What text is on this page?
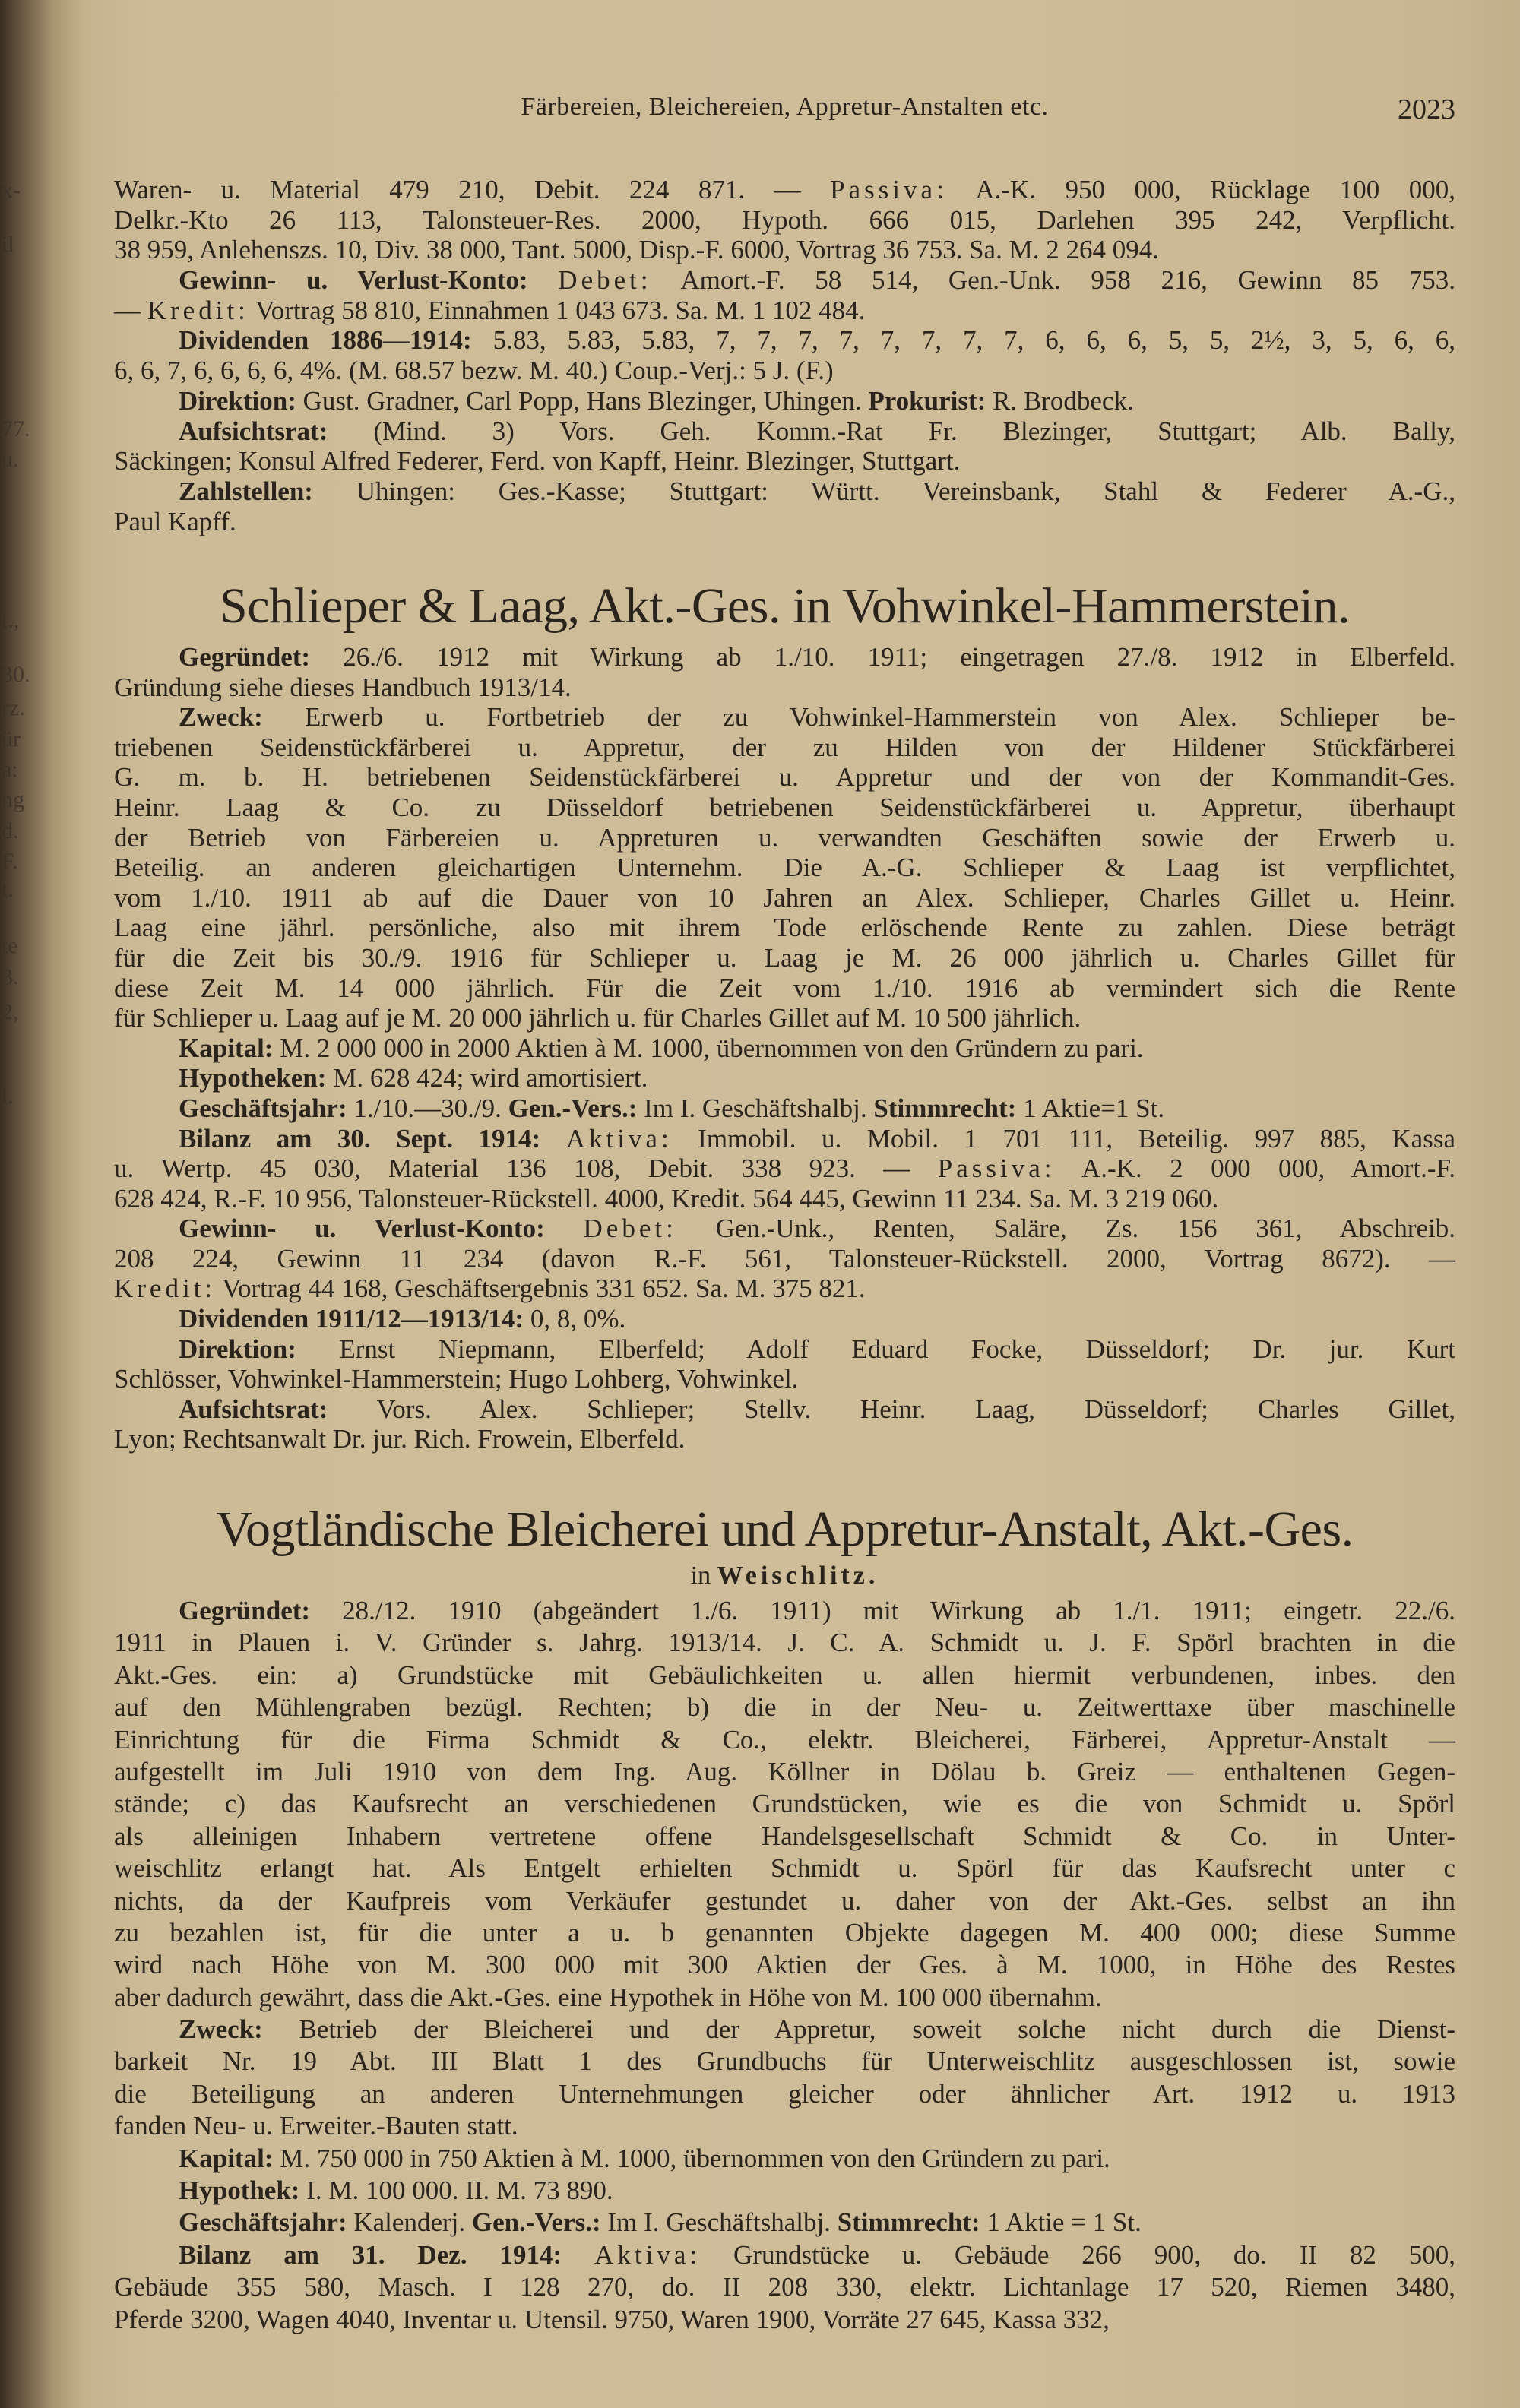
Färbereien, Bleichereien, Appretur-Anstalten etc.	2023
x-
il
77.
u.
t.,
30.
rz.
ür
a:
ng
d.
F.
t.
te
3.
2,
l.
Waren- u. Material 479 210, Debit. 224 871. — Passiva: A.-K. 950 000, Rücklage 100 000,
Delkr.-Kto 26 113, Talonsteuer-Res. 2000, Hypoth. 666 015, Darlehen 395 242, Verpflicht.
38 959, Anlehenszs. 10, Div. 38 000, Tant. 5000, Disp.-F. 6000, Vortrag 36 753. Sa. M. 2 264 094.
Gewinn- u. Verlust-Konto: Debet: Amort.-F. 58 514, Gen.-Unk. 958 216, Gewinn 85 753.
— Kredit: Vortrag 58 810, Einnahmen 1 043 673. Sa. M. 1 102 484.
Dividenden 1886—1914: 5.83, 5.83, 5.83, 7, 7, 7, 7, 7, 7, 7, 7, 6, 6, 6, 5, 5, 2½, 3, 5, 6, 6,
6, 6, 7, 6, 6, 6, 6, 4%. (M. 68.57 bezw. M. 40.) Coup.-Verj.: 5 J. (F.)
Direktion: Gust. Gradner, Carl Popp, Hans Blezinger, Uhingen. Prokurist: R. Brodbeck.
Aufsichtsrat: (Mind. 3) Vors. Geh. Komm.-Rat Fr. Blezinger, Stuttgart; Alb. Bally,
Säckingen; Konsul Alfred Federer, Ferd. von Kapff, Heinr. Blezinger, Stuttgart.
Zahlstellen: Uhingen: Ges.-Kasse; Stuttgart: Württ. Vereinsbank, Stahl & Federer A.-G.,
Paul Kapff.
Schlieper & Laag, Akt.-Ges. in Vohwinkel-Hammerstein.
Gegründet: 26./6. 1912 mit Wirkung ab 1./10. 1911; eingetragen 27./8. 1912 in Elberfeld.
Gründung siehe dieses Handbuch 1913/14.
Zweck: Erwerb u. Fortbetrieb der zu Vohwinkel-Hammerstein von Alex. Schlieper be-
triebenen Seidenstückfärberei u. Appretur, der zu Hilden von der Hildener Stückfärberei
G. m. b. H. betriebenen Seidenstückfärberei u. Appretur und der von der Kommandit-Ges.
Heinr. Laag & Co. zu Düsseldorf betriebenen Seidenstückfärberei u. Appretur, überhaupt
der Betrieb von Färbereien u. Appreturen u. verwandten Geschäften sowie der Erwerb u.
Beteilig. an anderen gleichartigen Unternehm. Die A.-G. Schlieper & Laag ist verpflichtet,
vom 1./10. 1911 ab auf die Dauer von 10 Jahren an Alex. Schlieper, Charles Gillet u. Heinr.
Laag eine jährl. persönliche, also mit ihrem Tode erlöschende Rente zu zahlen. Diese beträgt
für die Zeit bis 30./9. 1916 für Schlieper u. Laag je M. 26 000 jährlich u. Charles Gillet für
diese Zeit M. 14 000 jährlich. Für die Zeit vom 1./10. 1916 ab vermindert sich die Rente
für Schlieper u. Laag auf je M. 20 000 jährlich u. für Charles Gillet auf M. 10 500 jährlich.
Kapital: M. 2 000 000 in 2000 Aktien à M. 1000, übernommen von den Gründern zu pari.
Hypotheken: M. 628 424; wird amortisiert.
Geschäftsjahr: 1./10.—30./9. Gen.-Vers.: Im I. Geschäftshalbj. Stimmrecht: 1 Aktie=1 St.
Bilanz am 30. Sept. 1914: Aktiva: Immobil. u. Mobil. 1 701 111, Beteilig. 997 885, Kassa
u. Wertp. 45 030, Material 136 108, Debit. 338 923. — Passiva: A.-K. 2 000 000, Amort.-F.
628 424, R.-F. 10 956, Talonsteuer-Rückstell. 4000, Kredit. 564 445, Gewinn 11 234. Sa. M. 3 219 060.
Gewinn- u. Verlust-Konto: Debet: Gen.-Unk., Renten, Saläre, Zs. 156 361, Abschreib.
208 224, Gewinn 11 234 (davon R.-F. 561, Talonsteuer-Rückstell. 2000, Vortrag 8672). —
Kredit: Vortrag 44 168, Geschäftsergebnis 331 652. Sa. M. 375 821.
Dividenden 1911/12—1913/14: 0, 8, 0%.
Direktion: Ernst Niepmann, Elberfeld; Adolf Eduard Focke, Düsseldorf; Dr. jur. Kurt
Schlösser, Vohwinkel-Hammerstein; Hugo Lohberg, Vohwinkel.
Aufsichtsrat: Vors. Alex. Schlieper; Stellv. Heinr. Laag, Düsseldorf; Charles Gillet,
Lyon; Rechtsanwalt Dr. jur. Rich. Frowein, Elberfeld.
Vogtländische Bleicherei und Appretur-Anstalt, Akt.-Ges.
in Weischlitz.
Gegründet: 28./12. 1910 (abgeändert 1./6. 1911) mit Wirkung ab 1./1. 1911; eingetr. 22./6.
1911 in Plauen i. V. Gründer s. Jahrg. 1913/14. J. C. A. Schmidt u. J. F. Spörl brachten in die
Akt.-Ges. ein: a) Grundstücke mit Gebäulichkeiten u. allen hiermit verbundenen, inbes. den
auf den Mühlengraben bezügl. Rechten; b) die in der Neu- u. Zeitwerttaxe über maschinelle
Einrichtung für die Firma Schmidt & Co., elektr. Bleicherei, Färberei, Appretur-Anstalt —
aufgestellt im Juli 1910 von dem Ing. Aug. Köllner in Dölau b. Greiz — enthaltenen Gegen-
stände; c) das Kaufsrecht an verschiedenen Grundstücken, wie es die von Schmidt u. Spörl
als alleinigen Inhabern vertretene offene Handelsgesellschaft Schmidt & Co. in Unter-
weischlitz erlangt hat. Als Entgelt erhielten Schmidt u. Spörl für das Kaufsrecht unter c
nichts, da der Kaufpreis vom Verkäufer gestundet u. daher von der Akt.-Ges. selbst an ihn
zu bezahlen ist, für die unter a u. b genannten Objekte dagegen M. 400 000; diese Summe
wird nach Höhe von M. 300 000 mit 300 Aktien der Ges. à M. 1000, in Höhe des Restes
aber dadurch gewährt, dass die Akt.-Ges. eine Hypothek in Höhe von M. 100 000 übernahm.
Zweck: Betrieb der Bleicherei und der Appretur, soweit solche nicht durch die Dienst-
barkeit Nr. 19 Abt. III Blatt 1 des Grundbuchs für Unterweischlitz ausgeschlossen ist, sowie
die Beteiligung an anderen Unternehmungen gleicher oder ähnlicher Art. 1912 u. 1913
fanden Neu- u. Erweiter.-Bauten statt.
Kapital: M. 750 000 in 750 Aktien à M. 1000, übernommen von den Gründern zu pari.
Hypothek: I. M. 100 000. II. M. 73 890.
Geschäftsjahr: Kalenderj. Gen.-Vers.: Im I. Geschäftshalbj. Stimmrecht: 1 Aktie = 1 St.
Bilanz am 31. Dez. 1914: Aktiva: Grundstücke u. Gebäude 266 900, do. II 82 500,
Gebäude 355 580, Masch. I 128 270, do. II 208 330, elektr. Lichtanlage 17 520, Riemen 3480,
Pferde 3200, Wagen 4040, Inventar u. Utensil. 9750, Waren 1900, Vorräte 27 645, Kassa 332,
